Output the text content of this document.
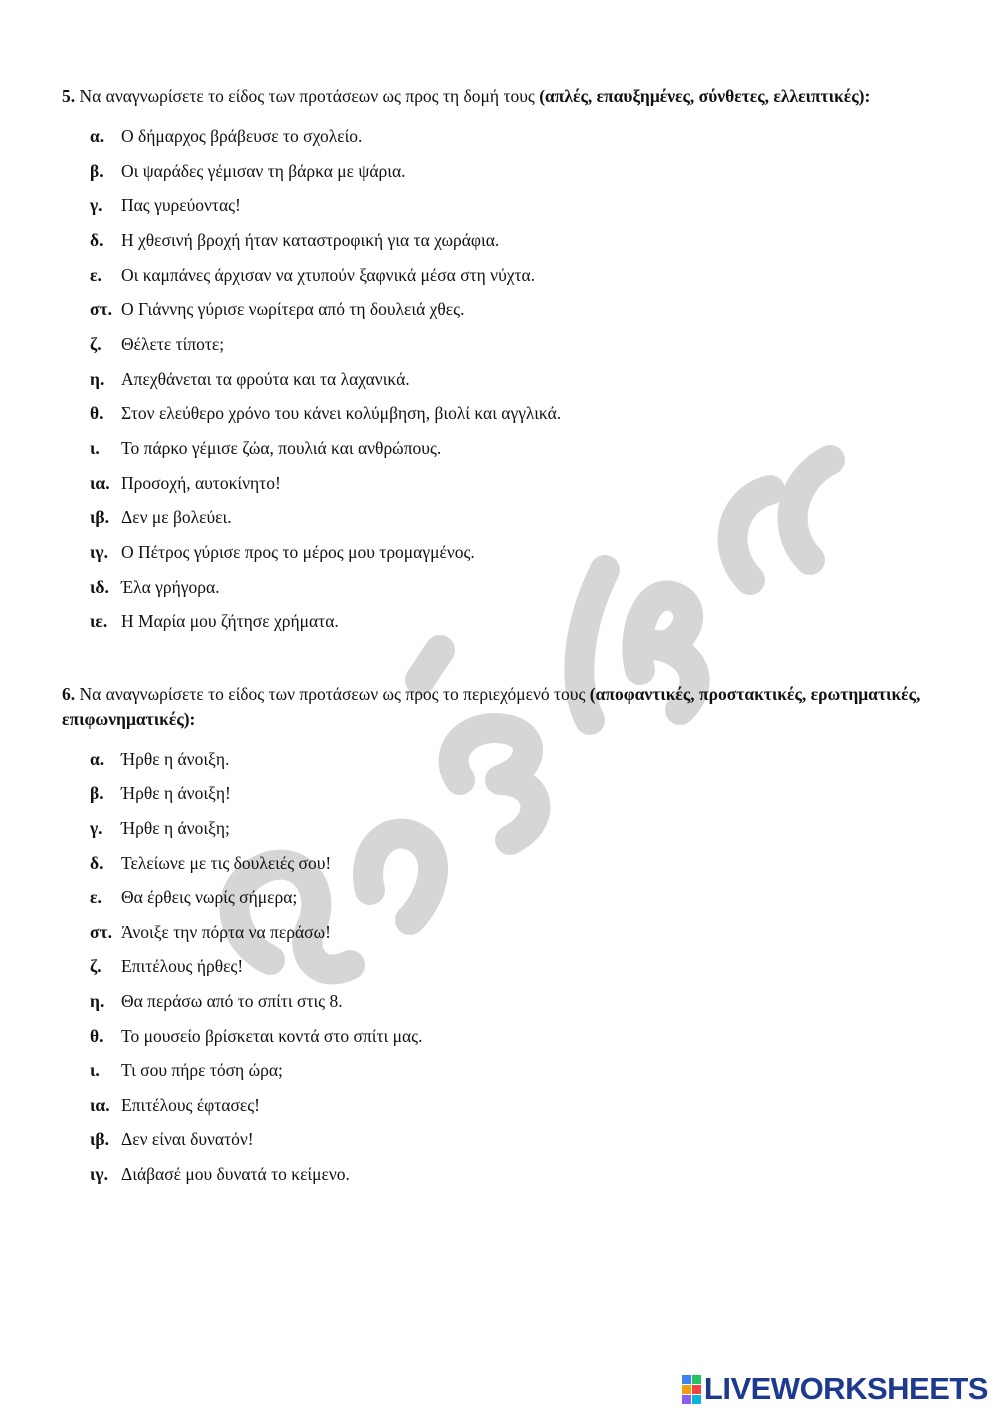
5. Να αναγνωρίσετε το είδος των προτάσεων ως προς τη δομή τους (απλές, επαυξημένες, σύνθετες, ελλειπτικές):

α. Ο δήμαρχος βράβευσε το σχολείο.
β. Οι ψαράδες γέμισαν τη βάρκα με ψάρια.
γ.	Πας γυρεύοντας!
δ.	Η χθεσινή βροχή ήταν καταστροφική για τα χωράφια.
ε.	Οι καμπάνες άρχισαν να χτυπούν ξαφνικά μέσα στη νύχτα.
στ. Ο Γιάννης γύρισε νωρίτερα από τη δουλειά χθες.
ζ.	Θέλετε τίποτε;
η. Απεχθάνεται τα φρούτα και τα λαχανικά.
θ. Στον ελεύθερο χρόνο του κάνει κολύμβηση, βιολί και αγγλικά.
ι.	Το πάρκο γέμισε ζώα, πουλιά και ανθρώπους.
ια. Προσοχή, αυτοκίνητο!
ιβ. Δεν με βολεύει.
ιγ. Ο Πέτρος γύρισε προς το μέρος μου τρομαγμένος.
ιδ. Έλα γρήγορα.
ιε. Η Μαρία μου ζήτησε χρήματα.

6. Να αναγνωρίσετε το είδος των προτάσεων ως προς το περιεχόμενό τους (αποφαντικές, προστακτικές, ερωτηματικές, επιφωνηματικές):

α. Ήρθε η άνοιξη.
β. Ήρθε η άνοιξη!
γ.	Ήρθε η άνοιξη;
δ.	Τελείωνε με τις δουλειές σου!
ε.	Θα έρθεις νωρίς σήμερα;
στ. Άνοιξε την πόρτα να περάσω!
ζ.	Επιτέλους ήρθες!
η. Θα περάσω από το σπίτι στις 8.
θ. Το μουσείο βρίσκεται κοντά στο σπίτι μας.
ι.	Τι σου πήρε τόση ώρα;
ια. Επιτέλους έφτασες!
ιβ. Δεν είναι δυνατόν!
ιγ. Διάβασέ μου δυνατά το κείμενο.
LIVEWORKSHEETS
